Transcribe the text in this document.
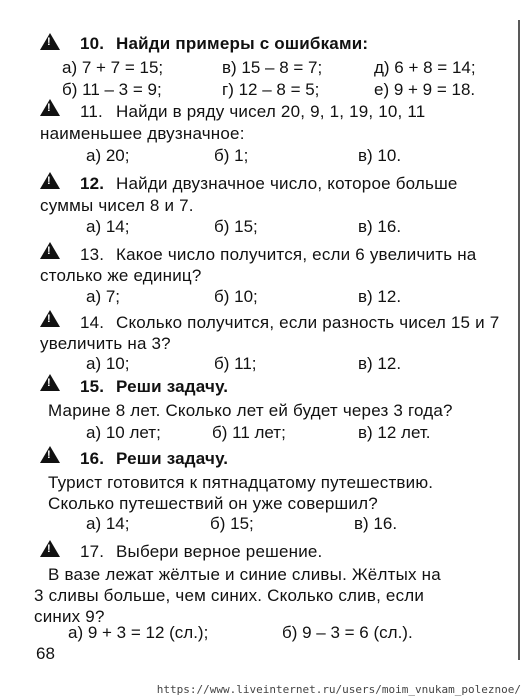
!
10. Найди примеры с ошибками:
а) 7 + 7 = 15;	в) 15 – 8 = 7;	д) 6 + 8 = 14;
б) 11 – 3 = 9;	г) 12 – 8 = 5;	е) 9 + 9 = 18.
!
11. Найди в ряду чисел 20, 9, 1, 19, 10, 11
наименьшее двузначное:
а) 20;	б) 1;	в) 10.
!
12. Найди двузначное число, которое больше
суммы чисел 8 и 7.
а) 14;	б) 15;	в) 16.
!
13. Какое число получится, если 6 увеличить на
столько же единиц?
а) 7;	б) 10;	в) 12.
!
14. Сколько получится, если разность чисел 15 и 7
увеличить на 3?
а) 10;	б) 11;	в) 12.
!
15. Реши задачу.
Марине 8 лет. Сколько лет ей будет через 3 года?
а) 10 лет;	б) 11 лет;	в) 12 лет.
!
16. Реши задачу.
Турист готовится к пятнадцатому путешествию.
Сколько путешествий он уже совершил?
а) 14;	б) 15;	в) 16.
!
17. Выбери верное решение.
В вазе лежат жёлтые и синие сливы. Жёлтых на
3 сливы больше, чем синих. Сколько слив, если
синих 9?
а) 9 + 3 = 12 (сл.);	б) 9 – 3 = 6 (сл.).
68
https://www.liveinternet.ru/users/moim_vnukam_poleznoe/
